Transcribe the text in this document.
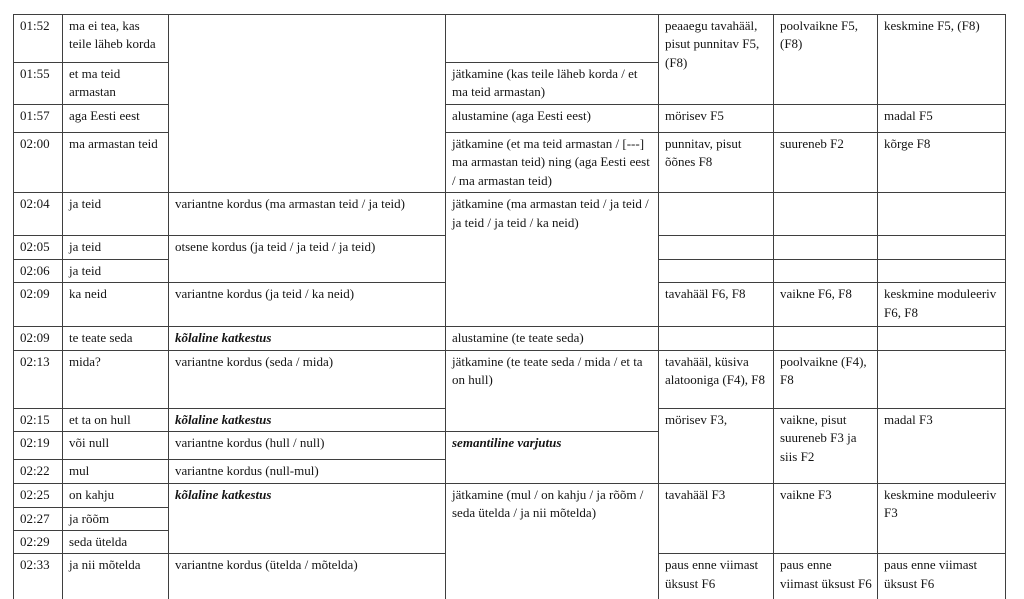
01:52	ma ei tea, kas teile läheb korda			peaaegu tavahääl, pisut punnitav F5, (F8)	poolvaikne F5, (F8)	keskmine F5, (F8)
01:55	et ma teid armastan		jätkamine (kas teile läheb korda / et ma teid armastan)			
01:57	aga Eesti eest		alustamine (aga Eesti eest)	mörisev F5		madal F5
02:00	ma armastan teid		jätkamine (et ma teid armastan / [---] ma armastan teid) ning (aga Eesti eest / ma armastan teid)	punnitav, pisut õõnes F8	suureneb F2	kõrge F8
02:04	ja teid	variantne kordus (ma armastan teid / ja teid)	jätkamine (ma armastan teid / ja teid / ja teid / ja teid / ka neid)			
02:05	ja teid	otsene kordus (ja teid / ja teid / ja teid)				
02:06	ja teid					
02:09	ka neid	variantne kordus (ja teid / ka neid)		tavahääl F6, F8	vaikne F6, F8	keskmine moduleeriv F6, F8
02:09	te teate seda	kõlaline katkestus	alustamine (te teate seda)			
02:13	mida?	variantne kordus (seda / mida)	jätkamine (te teate seda / mida / et ta on hull)	tavahääl, küsiva alatooniga (F4), F8	poolvaikne (F4), F8	
02:15	et ta on hull	kõlaline katkestus		mörisev F3,	vaikne, pisut suureneb F3 ja siis F2	madal F3
02:19	või null	variantne kordus (hull / null)	semantiline varjutus			
02:22	mul	variantne kordus (null-mul)				
02:25	on kahju	kõlaline katkestus	jätkamine (mul / on kahju / ja rõõm / seda ütelda / ja nii mõtelda)	tavahääl F3	vaikne F3	keskmine moduleeriv F3
02:27	ja rõõm					
02:29	seda ütelda					
02:33	ja nii mõtelda	variantne kordus (ütelda / mõtelda)		paus enne viimast üksust F6	paus enne viimast üksust F6	paus enne viimast üksust F6
